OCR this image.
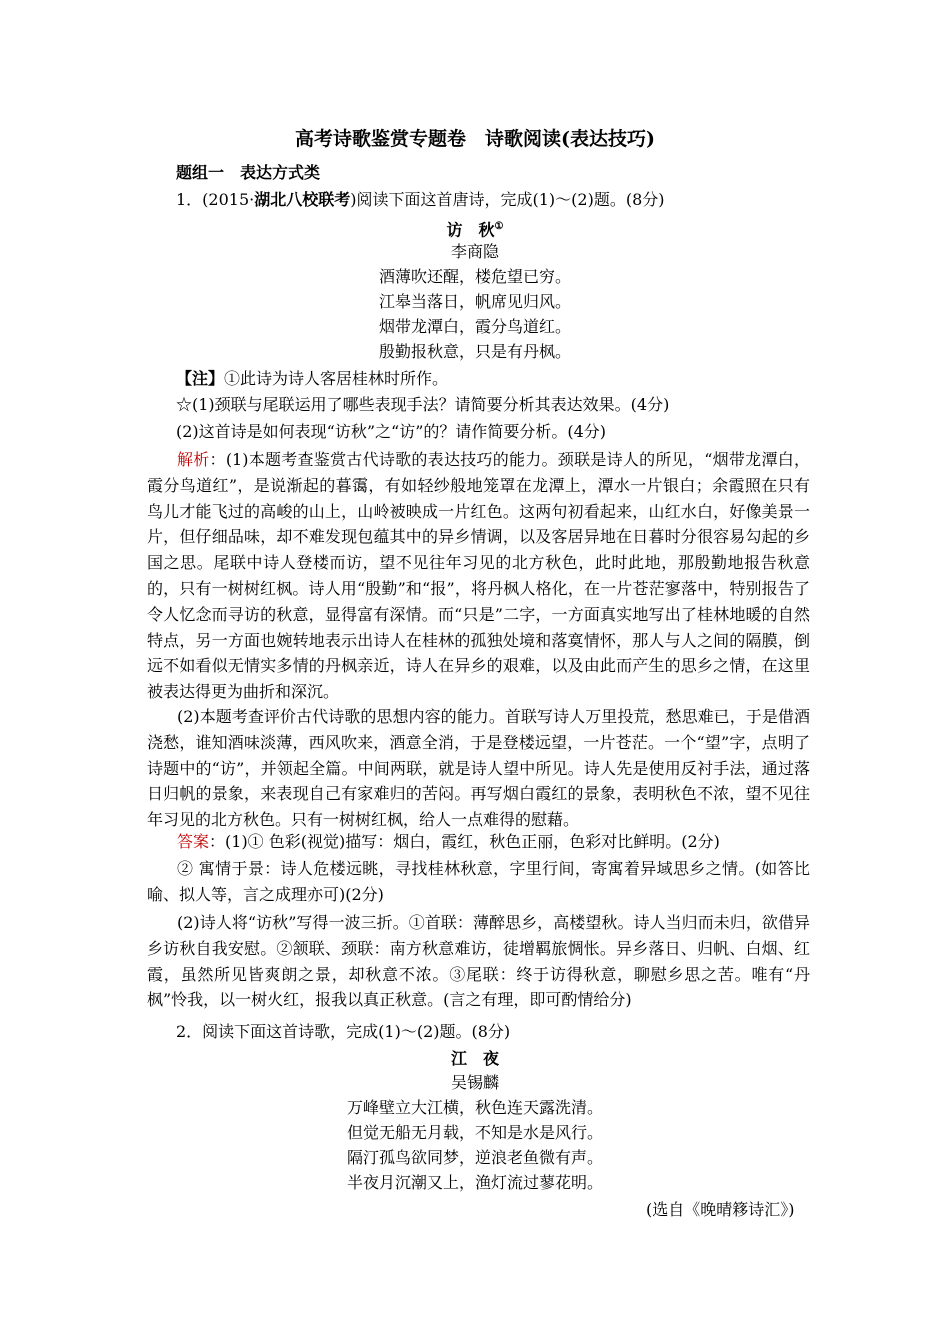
高考诗歌鉴赏专题卷　诗歌阅读(表达技巧)
题组一　表达方式类
1．(2015·湖北八校联考)阅读下面这首唐诗，完成(1)～(2)题。(8分)
访　秋①
李商隐
酒薄吹还醒，楼危望已穷。
江皋当落日，帆席见归风。
烟带龙潭白，霞分鸟道红。
殷勤报秋意，只是有丹枫。
【注】①此诗为诗人客居桂林时所作。
☆(1)颈联与尾联运用了哪些表现手法？请简要分析其表达效果。(4分)
(2)这首诗是如何表现“访秋”之“访”的？请作简要分析。(4分)
解析：(1)本题考查鉴赏古代诗歌的表达技巧的能力。颈联是诗人的所见，“烟带龙潭白，霞分鸟道红”，是说渐起的暮霭，有如轻纱般地笼罩在龙潭上，潭水一片银白；余霞照在只有鸟儿才能飞过的高峻的山上，山岭被映成一片红色。这两句初看起来，山红水白，好像美景一片，但仔细品味，却不难发现包蕴其中的异乡情调，以及客居异地在日暮时分很容易勾起的乡国之思。尾联中诗人登楼而访，望不见往年习见的北方秋色，此时此地，那殷勤地报告秋意的，只有一树树红枫。诗人用“殷勤”和“报”，将丹枫人格化，在一片苍茫寥落中，特别报告了令人忆念而寻访的秋意，显得富有深情。而“只是”二字，一方面真实地写出了桂林地暖的自然特点，另一方面也婉转地表示出诗人在桂林的孤独处境和落寞情怀，那人与人之间的隔膜，倒远不如看似无情实多情的丹枫亲近，诗人在异乡的艰难，以及由此而产生的思乡之情，在这里被表达得更为曲折和深沉。
(2)本题考查评价古代诗歌的思想内容的能力。首联写诗人万里投荒，愁思难已，于是借酒浇愁，谁知酒味淡薄，西风吹来，酒意全消，于是登楼远望，一片苍茫。一个“望”字，点明了诗题中的“访”，并领起全篇。中间两联，就是诗人望中所见。诗人先是使用反衬手法，通过落日归帆的景象，来表现自己有家难归的苦闷。再写烟白霞红的景象，表明秋色不浓，望不见往年习见的北方秋色。只有一树树红枫，给人一点难得的慰藉。
答案：(1)① 色彩(视觉)描写：烟白，霞红，秋色正丽，色彩对比鲜明。(2分)
② 寓情于景：诗人危楼远眺，寻找桂林秋意，字里行间，寄寓着异域思乡之情。(如答比喻、拟人等，言之成理亦可)(2分)
(2)诗人将“访秋”写得一波三折。①首联：薄醉思乡，高楼望秋。诗人当归而未归，欲借异乡访秋自我安慰。②颔联、颈联：南方秋意难访，徒增羁旅惆怅。异乡落日、归帆、白烟、红霞，虽然所见皆爽朗之景，却秋意不浓。③尾联：终于访得秋意，聊慰乡思之苦。唯有“丹枫”怜我，以一树火红，报我以真正秋意。(言之有理，即可酌情给分)
2．阅读下面这首诗歌，完成(1)～(2)题。(8分)
江　夜
吴锡麟
万峰壁立大江横，秋色连天露洗清。
但觉无船无月载，不知是水是风行。
隔汀孤鸟欲同梦，逆浪老鱼微有声。
半夜月沉潮又上，渔灯流过蓼花明。
(选自《晚晴簃诗汇》)
